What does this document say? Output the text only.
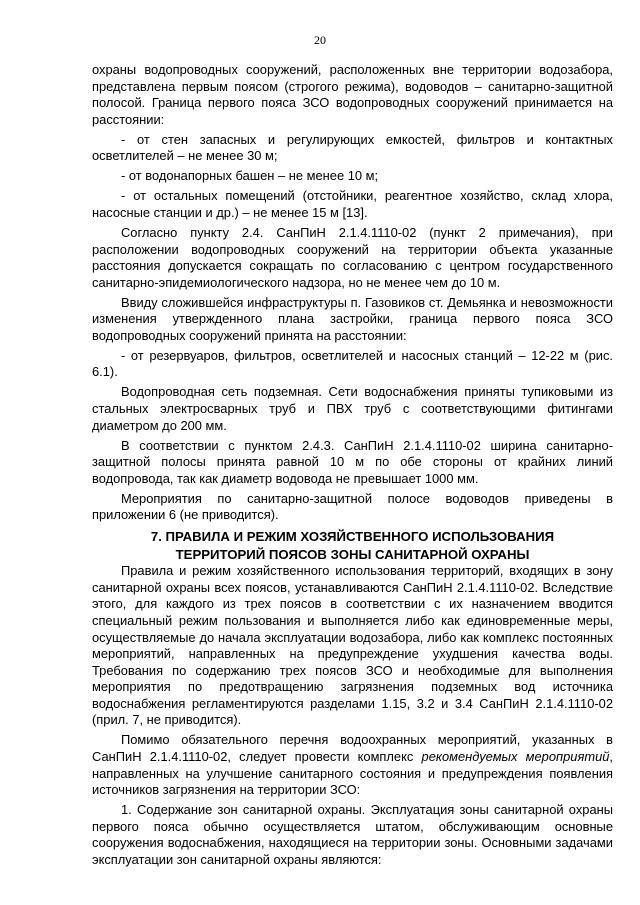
20

охраны водопроводных сооружений, расположенных вне территории водозабора, представлена первым поясом (строгого режима), водоводов – санитарно-защитной полосой. Граница первого пояса ЗСО водопроводных сооружений принимается на расстоянии:

- от стен запасных и регулирующих емкостей, фильтров и контактных осветлителей – не менее 30 м;

- от водонапорных башен – не менее 10 м;

- от остальных помещений (отстойники, реагентное хозяйство, склад хлора, насосные станции и др.) – не менее 15 м [13].

Согласно пункту 2.4. СанПиН 2.1.4.1110-02 (пункт 2 примечания), при расположении водопроводных сооружений на территории объекта указанные расстояния допускается сокращать по согласованию с центром государственного санитарно-эпидемиологического надзора, но не менее чем до 10 м.

Ввиду сложившейся инфраструктуры п. Газовиков ст. Демьянка и невозможности изменения утвержденного плана застройки, граница первого пояса ЗСО водопроводных сооружений принята на расстоянии:

- от резервуаров, фильтров, осветлителей и насосных станций – 12-22 м (рис. 6.1).

Водопроводная сеть подземная. Сети водоснабжения приняты тупиковыми из стальных электросварных труб и ПВХ труб с соответствующими фитингами диаметром до 200 мм.

В соответствии с пунктом 2.4.3. СанПиН 2.1.4.1110-02 ширина санитарно-защитной полосы принята равной 10 м по обе стороны от крайних линий водопровода, так как диаметр водовода не превышает 1000 мм.

Мероприятия по санитарно-защитной полосе водоводов приведены в приложении 6 (не приводится).

7. ПРАВИЛА И РЕЖИМ ХОЗЯЙСТВЕННОГО ИСПОЛЬЗОВАНИЯ
ТЕРРИТОРИЙ ПОЯСОВ ЗОНЫ САНИТАРНОЙ ОХРАНЫ

Правила и режим хозяйственного использования территорий, входящих в зону санитарной охраны всех поясов, устанавливаются СанПиН 2.1.4.1110-02. Вследствие этого, для каждого из трех поясов в соответствии с их назначением вводится специальный режим пользования и выполняется либо как единовременные меры, осуществляемые до начала эксплуатации водозабора, либо как комплекс постоянных мероприятий, направленных на предупреждение ухудшения качества воды. Требования по содержанию трех поясов ЗСО и необходимые для выполнения мероприятия по предотвращению загрязнения подземных вод источника водоснабжения регламентируются разделами 1.15, 3.2 и 3.4 СанПиН 2.1.4.1110-02 (прил. 7, не приводится).

Помимо обязательного перечня водоохранных мероприятий, указанных в СанПиН 2.1.4.1110-02, следует провести комплекс рекомендуемых мероприятий, направленных на улучшение санитарного состояния и предупреждения появления источников загрязнения на территории ЗСО:

1. Содержание зон санитарной охраны. Эксплуатация зоны санитарной охраны первого пояса обычно осуществляется штатом, обслуживающим основные сооружения водоснабжения, находящиеся на территории зоны. Основными задачами эксплуатации зон санитарной охраны являются:
